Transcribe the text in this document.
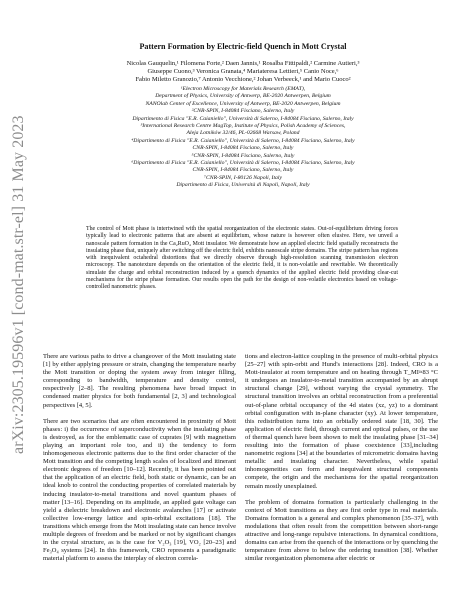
arXiv:2305.19596v1 [cond-mat.str-el] 31 May 2023
Pattern Formation by Electric-field Quench in Mott Crystal

Nicolas Gauquelin,¹ Filomena Forte,² Daen Jannis,¹ Rosalba Fittipaldi,² Carmine Autieri,³

Giuseppe Cuono,³ Veronica Granata,⁴ Mariateresa Lettieri,⁵ Canio Noce,⁶

Fabio Miletto Granozio,⁷ Antonio Vecchione,² Johan Verbeeck,¹ and Mario Cuoco²

¹Electron Microscopy for Materials Research (EMAT),

Department of Physics, University of Antwerp, BE-2020 Antwerpen, Belgium

NANOlab Center of Excellence, University of Antwerp, BE-2020 Antwerpen, Belgium

²CNR-SPIN, I-84084 Fisciano, Salerno, Italy

Dipartimento di Fisica "E.R. Caianiello", Università di Salerno, I-84084 Fisciano, Salerno, Italy

³International Research Centre MagTop, Institute of Physics, Polish Academy of Sciences,

Aleja Lotników 32/46, PL-02668 Warsaw, Poland

⁴Dipartimento di Fisica "E.R. Caianiello", Università di Salerno, I-84084 Fisciano, Salerno, Italy

CNR-SPIN, I-84084 Fisciano, Salerno, Italy

⁵CNR-SPIN, I-84084 Fisciano, Salerno, Italy

⁶Dipartimento di Fisica "E.R. Caianiello", Università di Salerno, I-84084 Fisciano, Salerno, Italy

CNR-SPIN, I-84084 Fisciano, Salerno, Italy

⁷CNR-SPIN, I-80126 Napoli, Italy

Dipartimento di Fisica, Università di Napoli, Napoli, Italy

The control of Mott phase is intertwined with the spatial reorganization of the electronic states. Out-of-equilibrium driving forces typically lead to electronic patterns that are absent at equilibrium, whose nature is however often elusive. Here, we unveil a nanoscale pattern formation in the Ca₂RuO₄ Mott insulator. We demonstrate how an applied electric field spatially reconstructs the insulating phase that, uniquely after switching off the electric field, exhibits nanoscale stripe domains. The stripe pattern has regions with inequivalent octahedral distortions that we directly observe through high-resolution scanning transmission electron microscopy. The nanotexture depends on the orientation of the electric field, it is non-volatile and rewritable. We theoretically simulate the charge and orbital reconstruction induced by a quench dynamics of the applied electric field providing clear-cut mechanisms for the stripe phase formation. Our results open the path for the design of non-volatile electronics based on voltage-controlled nanometric phases.

There are various paths to drive a changeover of the Mott insulating state [1] by either applying pressure or strain, changing the temperature nearby the Mott transition or doping the system away from integer filling, corresponding to bandwidth, temperature and density control, respectively [2–8]. The resulting phenomena have broad impact in condensed matter physics for both fundamental [2, 3] and technological perspectives [4, 5].

There are two scenarios that are often encountered in proximity of Mott phases: i) the occurrence of superconductivity when the insulating phase is destroyed, as for the emblematic case of cuprates [9] with magnetism playing an important role too, and ii) the tendency to form inhomogeneous electronic patterns due to the first order character of the Mott transition and the competing length scales of localized and itinerant electronic degrees of freedom [10–12]. Recently, it has been pointed out that the application of an electric field, both static or dynamic, can be an ideal knob to control the conducting properties of correlated materials by inducing insulator-to-metal transitions and novel quantum phases of matter [13–16]. Depending on its amplitude, an applied gate voltage can yield a dielectric breakdown and electronic avalanches [17] or activate collective low-energy lattice and spin-orbital excitations [18]. The transitions which emerge from the Mott insulating state can hence involve multiple degrees of freedom and be marked or not by significant changes in the crystal structure, as is the case for V₂O₃ [19], VO₂ [20–23] and Fe₃O₄ systems [24]. In this framework, CRO represents a paradigmatic material platform to assess the interplay of electron correla-

tions and electron-lattice coupling in the presence of multi-orbital physics [25–27] with spin-orbit and Hund's interactions [28]. Indeed, CRO is a Mott-insulator at room temperature and on heating through T_MI≈83 °C it undergoes an insulator-to-metal transition accompanied by an abrupt structural change [29], without varying the crystal symmetry. The structural transition involves an orbital reconstruction from a preferential out-of-plane orbital occupancy of the 4d states (xz, yz) to a dominant orbital configuration with in-plane character (xy). At lower temperature, this redistribution turns into an orbitally ordered state [18, 30]. The application of electric field, through current and optical pulses, or the use of thermal quench have been shown to melt the insulating phase [31–34] resulting into the formation of phase coexistence [33],including nanometric regions [34] at the boundaries of micrometric domains having metallic and insulating character. Nevertheless, while spatial inhomogeneities can form and inequivalent structural components compete, the origin and the mechanisms for the spatial reorganization remain mostly unexplained.

The problem of domains formation is particularly challenging in the context of Mott transitions as they are first order type in real materials. Domains formation is a general and complex phenomenon [35–37], with modulations that often result from the competition between short-range attractive and long-range repulsive interactions. In dynamical conditions, domains can arise from the quench of the interactions or by quenching the temperature from above to below the ordering transition [38]. Whether similar reorganization phenomena after electric or
